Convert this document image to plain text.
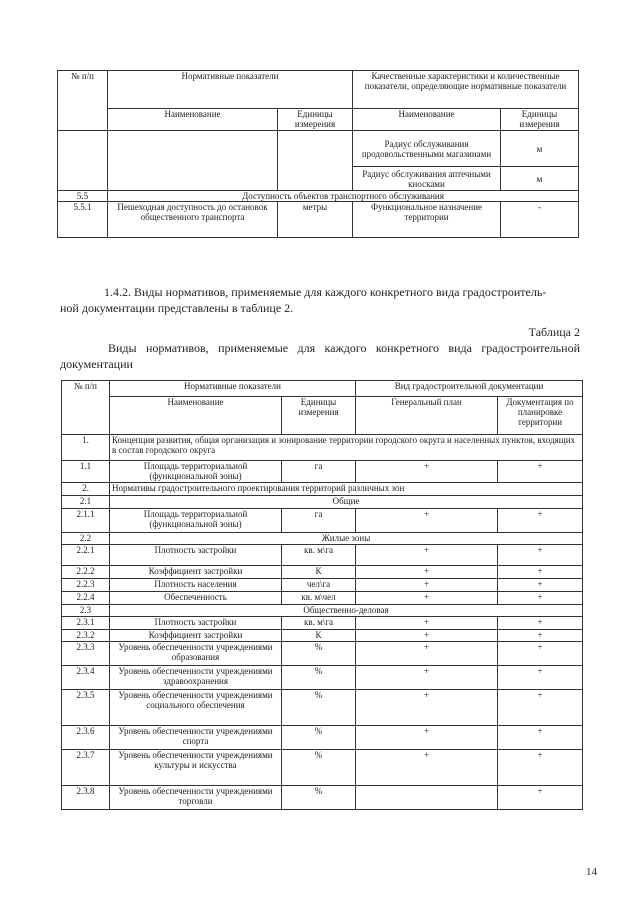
№ п/п	Нормативные показатели		Качественные характеристики и количественные показатели, определяющие нормативные показатели	
	Наименование	Единицы измерения	Наименование	Единицы измерения
			Радиус обслуживания продовольственными магазинами	м
			Радиус обслуживания аптечными киосками	м
5.5	Доступность объектов транспортного обслуживания			
5.5.1	Пешеходная доступность до остановок общественного транспорта	метры	Функциональное назначение территории	-
1.4.2. Виды нормативов, применяемые для каждого конкретного вида градостроитель-
ной документации представлены в таблице 2.
Таблица 2
Виды нормативов, применяемые для каждого конкретного вида градостроительной документации
№ п/п	Нормативные показатели		Вид градостроительной документации	
	Наименование	Единицы измерения	Генеральный план	Документация по планировке территории
1.	Концепция развития, общая организация и зонирование территории городского округа и населенных пунктов, входящих в состав городского округа			
1.1	Площадь территориальной (функциональной зоны)	га	+	+
2.	Нормативы градостроительного проектирования территорий различных зон			
2.1	Общие			
2.1.1	Площадь территориальной (функциональной зоны)	га	+	+
2.2	Жилые зоны			
2.2.1	Плотность застройки	кв. м\га	+	+
2.2.2	Коэффициент застройки	К	+	+
2.2.3	Плотность населения	чел\га	+	+
2.2.4	Обеспеченность	кв. м\чел	+	+
2.3	Общественно-деловая			
2.3.1	Плотность застройки	кв. м\га	+	+
2.3.2	Коэффициент застройки	К	+	+
2.3.3	Уровень обеспеченности учреждениями образования	%	+	+
2.3.4	Уровень обеспеченности учреждениями здравоохранения	%	+	+
2.3.5	Уровень обеспеченности учреждениями социального обеспечения	%	+	+
2.3.6	Уровень обеспеченности учреждениями спорта	%	+	+
2.3.7	Уровень обеспеченности учреждениями культуры и искусства	%	+	+
2.3.8	Уровень обеспеченности учреждениями торговли	%		+
14
